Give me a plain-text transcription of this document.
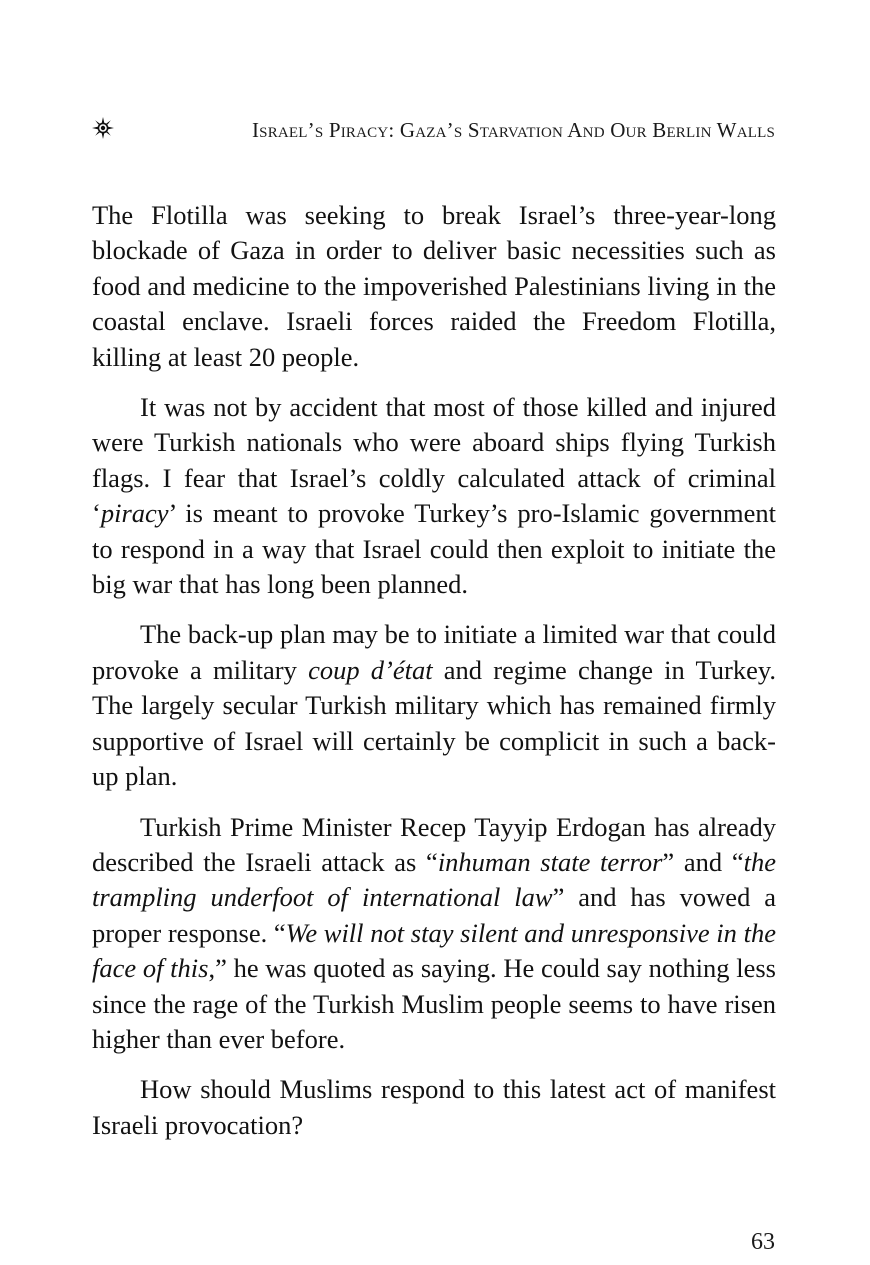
Israel’s Piracy: Gaza’s Starvation And Our Berlin Walls

The Flotilla was seeking to break Israel’s three-year-long blockade of Gaza in order to deliver basic necessities such as food and medicine to the impoverished Palestinians living in the coastal enclave. Israeli forces raided the Freedom Flotilla, killing at least 20 people.

It was not by accident that most of those killed and injured were Turkish nationals who were aboard ships flying Turkish flags. I fear that Israel’s coldly calculated attack of criminal ‘piracy’ is meant to provoke Turkey’s pro-Islamic government to respond in a way that Israel could then exploit to initiate the big war that has long been planned.

The back-up plan may be to initiate a limited war that could provoke a military coup d’état and regime change in Turkey. The largely secular Turkish military which has remained firmly supportive of Israel will certainly be complicit in such a back-up plan.

Turkish Prime Minister Recep Tayyip Erdogan has already described the Israeli attack as “inhuman state terror” and “the trampling underfoot of international law” and has vowed a proper response. “We will not stay silent and unresponsive in the face of this,” he was quoted as saying. He could say nothing less since the rage of the Turkish Muslim people seems to have risen higher than ever before.

How should Muslims respond to this latest act of manifest Israeli provocation?

63
